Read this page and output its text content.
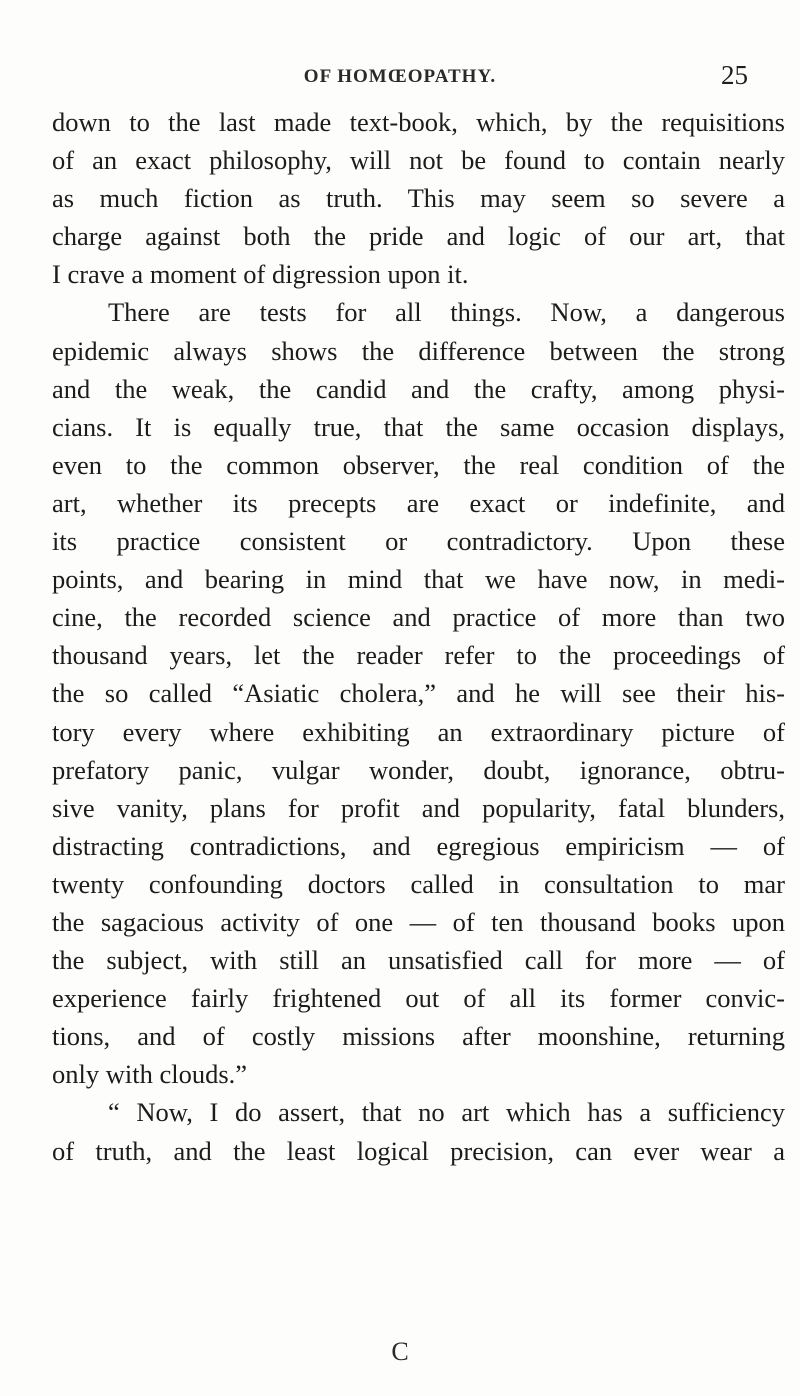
OF HOMŒOPATHY.	25
down to the last made text-book, which, by the requisitions
of an exact philosophy, will not be found to contain nearly
as much fiction as truth. This may seem so severe a
charge against both the pride and logic of our art, that
I crave a moment of digression upon it.
There are tests for all things. Now, a dangerous
epidemic always shows the difference between the strong
and the weak, the candid and the crafty, among physi-
cians. It is equally true, that the same occasion displays,
even to the common observer, the real condition of the
art, whether its precepts are exact or indefinite, and
its practice consistent or contradictory. Upon these
points, and bearing in mind that we have now, in medi-
cine, the recorded science and practice of more than two
thousand years, let the reader refer to the proceedings of
the so called “Asiatic cholera,” and he will see their his-
tory every where exhibiting an extraordinary picture of
prefatory panic, vulgar wonder, doubt, ignorance, obtru-
sive vanity, plans for profit and popularity, fatal blunders,
distracting contradictions, and egregious empiricism — of
twenty confounding doctors called in consultation to mar
the sagacious activity of one — of ten thousand books upon
the subject, with still an unsatisfied call for more — of
experience fairly frightened out of all its former convic-
tions, and of costly missions after moonshine, returning
only with clouds.”
“ Now, I do assert, that no art which has a sufficiency
of truth, and the least logical precision, can ever wear a
C
